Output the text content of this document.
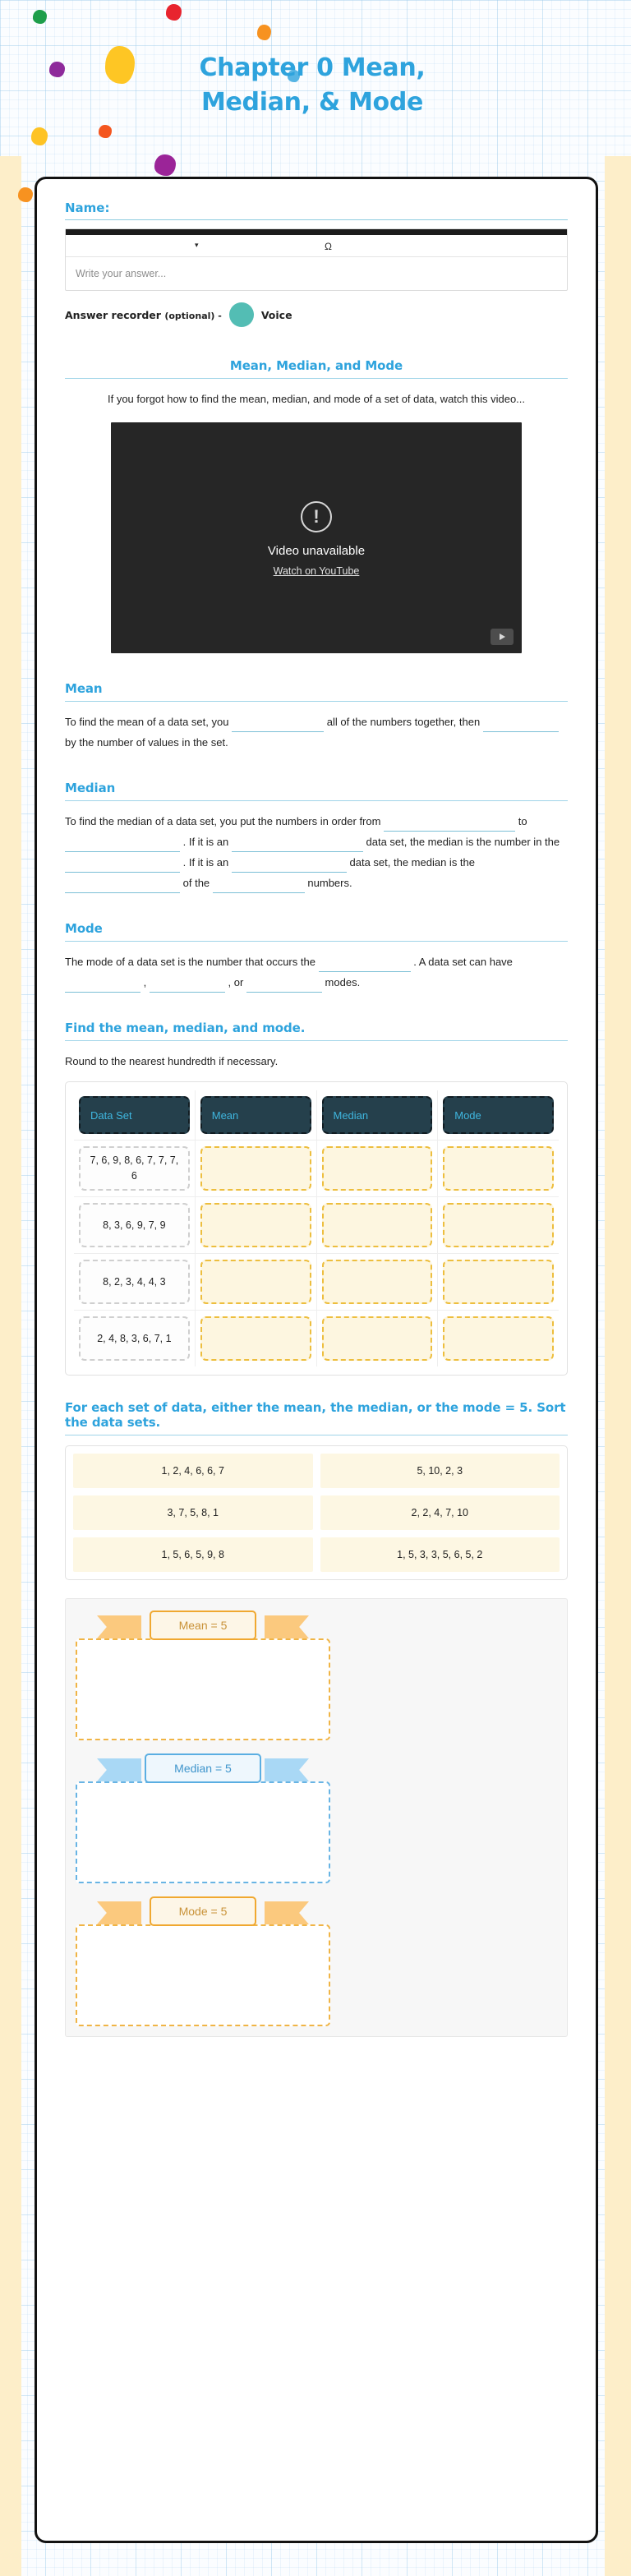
Chapter 0 Mean,
Median, & Mode
Name:
▾	Ω
Write your answer...
Answer recorder (optional) -	Voice
Mean, Median, and Mode
If you forgot how to find the mean, median, and mode of a set of data, watch this video...
!
Video unavailable
Watch on YouTube
Mean
To find the mean of a data set, you	all of the numbers together, then  by the number of values in the set.
Median
To find the median of a data set, you put the numbers in order from	to  . If it is an	data set, the median is the number in the  . If it is an	data set, the median is the  of the	numbers.
Mode
The mode of a data set is the number that occurs the	. A data set can have  ,	, or	modes.
Find the mean, median, and mode.
Round to the nearest hundredth if necessary.
Data Set	Mean	Median	Mode
7, 6, 9, 8, 6, 7, 7, 7, 6
8, 3, 6, 9, 7, 9
8, 2, 3, 4, 4, 3
2, 4, 8, 3, 6, 7, 1
For each set of data, either the mean, the median, or the mode = 5. Sort the data sets.
1, 2, 4, 6, 6, 7
3, 7, 5, 8, 1
1, 5, 6, 5, 9, 8
5, 10, 2, 3
2, 2, 4, 7, 10
1, 5, 3, 3, 5, 6, 5, 2
Mean = 5
Median = 5
Mode = 5
